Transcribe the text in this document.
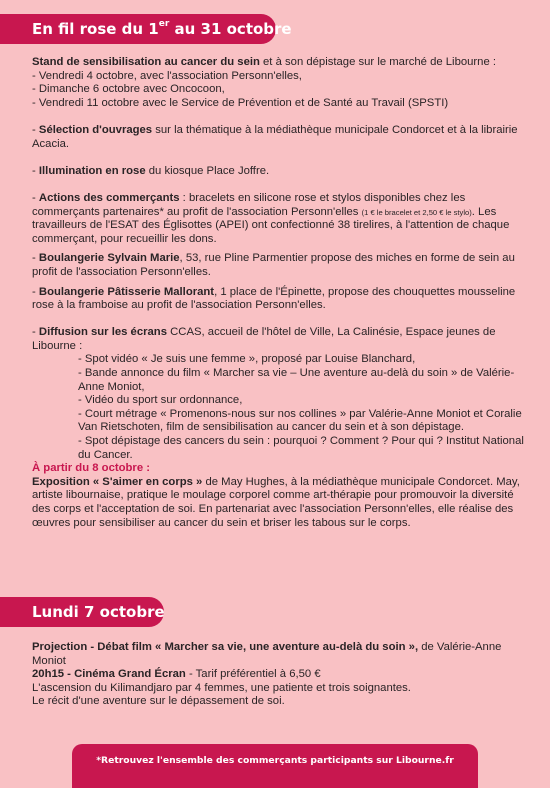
En fil rose du 1er au 31 octobre

Stand de sensibilisation au cancer du sein et à son dépistage sur le marché de Libourne :

- Vendredi 4 octobre, avec l'association Personn'elles,

- Dimanche 6 octobre avec Oncocoon,

- Vendredi 11 octobre avec le Service de Prévention et de Santé au Travail (SPSTI)

- Sélection d'ouvrages sur la thématique à la médiathèque municipale Condorcet et à la librairie Acacia.

- Illumination en rose du kiosque Place Joffre.

- Actions des commerçants : bracelets en silicone rose et stylos disponibles chez les commerçants partenaires* au profit de l'association Personn'elles (1 € le bracelet et 2,50 € le stylo). Les travailleurs de l'ESAT des Églisottes (APEI) ont confectionné 38 tirelires, à l'attention de chaque commerçant, pour recueillir les dons.

- Boulangerie Sylvain Marie, 53, rue Pline Parmentier propose des miches en forme de sein au profit de l'association Personn'elles.

- Boulangerie Pâtisserie Mallorant, 1 place de l'Épinette, propose des chouquettes mousseline rose à la framboise au profit de l'association Personn'elles.

- Diffusion sur les écrans CCAS, accueil de l'hôtel de Ville, La Calinésie, Espace jeunes de Libourne :

- Spot vidéo « Je suis une femme », proposé par Louise Blanchard,

- Bande annonce du film « Marcher sa vie – Une aventure au-delà du soin » de Valérie-Anne Moniot,

- Vidéo du sport sur ordonnance,

- Court métrage « Promenons-nous sur nos collines » par Valérie-Anne Moniot et Coralie Van Rietschoten, film de sensibilisation au cancer du sein et à son dépistage.

- Spot dépistage des cancers du sein : pourquoi ? Comment ? Pour qui ? Institut National du Cancer.

À partir du 8 octobre :

Exposition « S'aimer en corps » de May Hughes, à la médiathèque municipale Condorcet. May, artiste libournaise, pratique le moulage corporel comme art-thérapie pour promouvoir la diversité des corps et l'acceptation de soi. En partenariat avec l'association Personn'elles, elle réalise des œuvres pour sensibiliser au cancer du sein et briser les tabous sur le corps.

Lundi 7 octobre

Projection - Débat film « Marcher sa vie, une aventure au-delà du soin », de Valérie-Anne Moniot

20h15 - Cinéma Grand Écran - Tarif préférentiel à 6,50 €

L'ascension du Kilimandjaro par 4 femmes, une patiente et trois soignantes.

Le récit d'une aventure sur le dépassement de soi.

*Retrouvez l'ensemble des commerçants participants sur Libourne.fr
